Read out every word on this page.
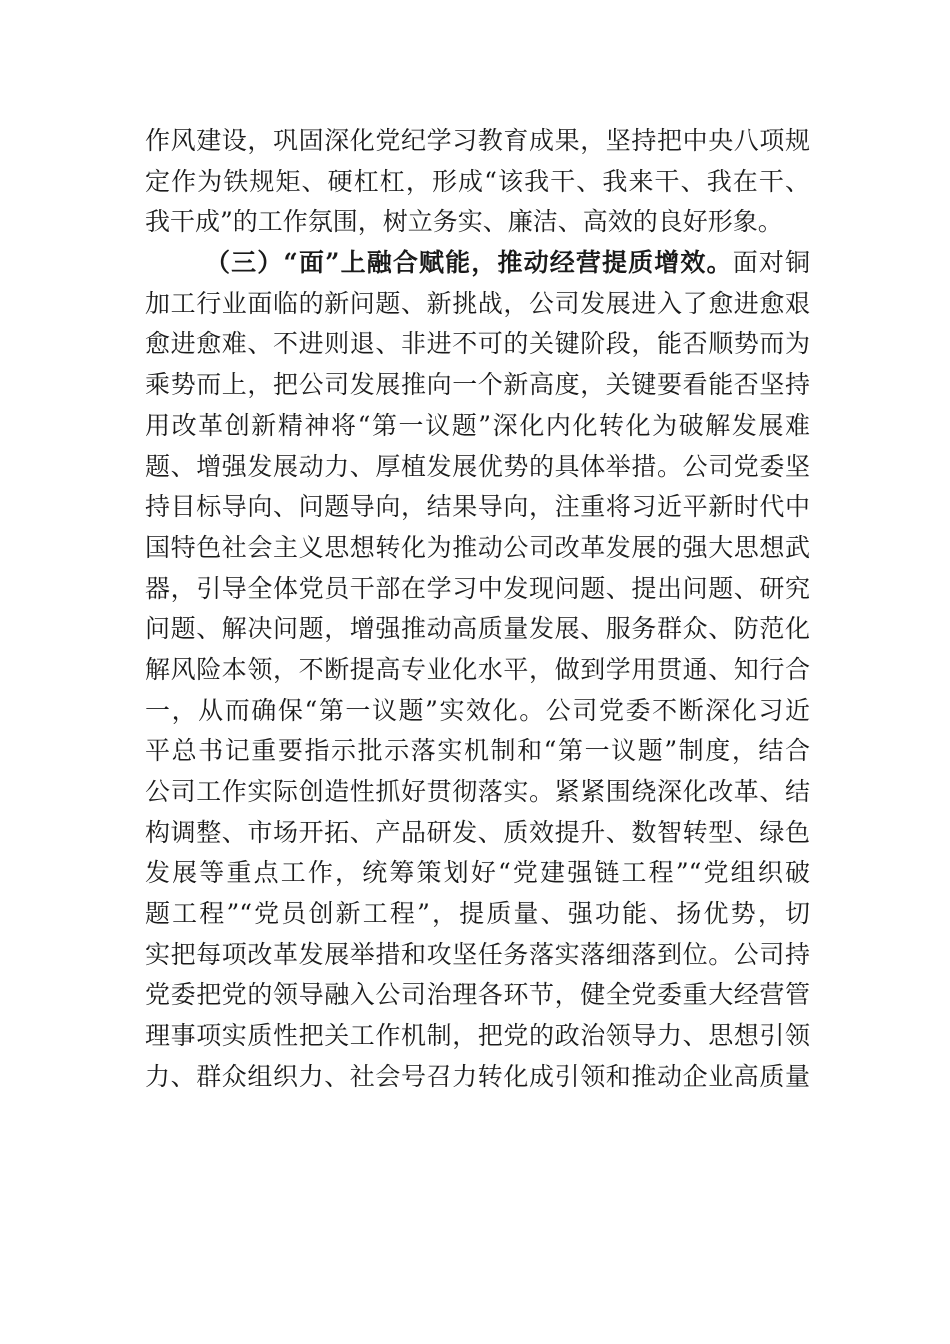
作风建设，巩固深化党纪学习教育成果，坚持把中央八项规
定作为铁规矩、硬杠杠，形成“该我干、我来干、我在干、
我干成”的工作氛围，树立务实、廉洁、高效的良好形象。
（三）“面”上融合赋能，推动经营提质增效。面对铜
加工行业面临的新问题、新挑战，公司发展进入了愈进愈艰
愈进愈难、不进则退、非进不可的关键阶段，能否顺势而为
乘势而上，把公司发展推向一个新高度，关键要看能否坚持
用改革创新精神将“第一议题”深化内化转化为破解发展难
题、增强发展动力、厚植发展优势的具体举措。公司党委坚
持目标导向、问题导向，结果导向，注重将习近平新时代中
国特色社会主义思想转化为推动公司改革发展的强大思想武
器，引导全体党员干部在学习中发现问题、提出问题、研究
问题、解决问题，增强推动高质量发展、服务群众、防范化
解风险本领，不断提高专业化水平，做到学用贯通、知行合
一，从而确保“第一议题”实效化。公司党委不断深化习近
平总书记重要指示批示落实机制和“第一议题”制度，结合
公司工作实际创造性抓好贯彻落实。紧紧围绕深化改革、结
构调整、市场开拓、产品研发、质效提升、数智转型、绿色
发展等重点工作，统筹策划好“党建强链工程”“党组织破
题工程”“党员创新工程”，提质量、强功能、扬优势，切
实把每项改革发展举措和攻坚任务落实落细落到位。公司持
党委把党的领导融入公司治理各环节，健全党委重大经营管
理事项实质性把关工作机制，把党的政治领导力、思想引领
力、群众组织力、社会号召力转化成引领和推动企业高质量
